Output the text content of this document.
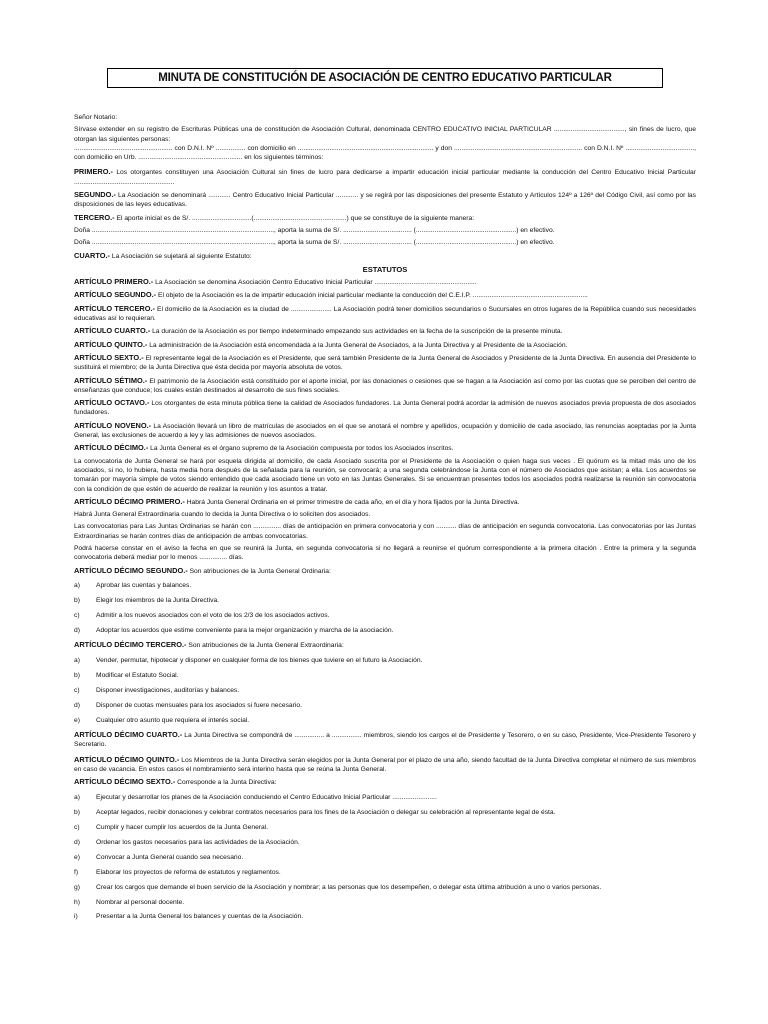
MINUTA DE CONSTITUCIÓN DE ASOCIACIÓN DE CENTRO EDUCATIVO PARTICULAR

Señor Notario:

Sírvase extender en su registro de Escrituras Públicas una de constitución de Asociación Cultural, denominada CENTRO EDUCATIVO INICIAL PARTICULAR ......................................, sin fines de lucro, que otorgan las siguientes personas:

..................................................... con D.N.I. Nº ................ con domicilio en ......................................................................... y don ..................................................................... con D.N.I. Nº ....................................., con domicilio en Urb. ........................................................ en los siguientes términos:

PRIMERO.- Los otorgantes constituyen una Asociación Cultural sin fines de lucro para dedicarse a impartir educación inicial particular mediante la conducción del Centro Educativo Inicial Particular ......................................................

SEGUNDO.- La Asociación se denominará ............ Centro Educativo Inicial Particular ............ y se regirá por las disposiciones del presente Estatuto y Artículos 124º a 126º del Código Civil, así como por las disposiciones de las leyes educativas.

TERCERO.- El aporte inicial es de S/. ................................(..................................................) que se constituye de la siguiente manera:

Doña .................................................................................................., aporta la suma de S/. ..................................... (......................................................) en efectivo.

Doña .................................................................................................., aporta la suma de S/. ..................................... (......................................................) en efectivo.

CUARTO.- La Asociación se sujetará al siguiente Estatuto:

ESTATUTOS

ARTÍCULO PRIMERO.- La Asociación se denomina Asociación Centro Educativo Inicial Particular .......................................................

ARTÍCULO SEGUNDO.- El objeto de la Asociación es la de impartir educación inicial particular mediante la conducción del C.E.I.P. ..............................................................

ARTÍCULO TERCERO.- El domicilio de la Asociación es la ciudad de ...................... La Asociación podrá tener domicilios secundarios o Sucursales en otros lugares de la República cuando sus necesidades educativas así lo requieran.

ARTÍCULO CUARTO.- La duración de la Asociación es por tiempo indeterminado empezando sus actividades en la fecha de la suscripción de la presente minuta.

ARTÍCULO QUINTO.- La administración de la Asociación está encomendada a la Junta General de Asociados, a la Junta Directiva y al Presidente de la Asociación.

ARTÍCULO SEXTO.- El representante legal de la Asociación es el Presidente, que será también Presidente de la Junta General de Asociados y Presidente de la Junta Directiva. En ausencia del Presidente lo sustituirá el miembro; de la Junta Directiva que ésta decida por mayoría absoluta de votos.

ARTÍCULO SÉTIMO.- El patrimonio de la Asociación está constituido por el aporte inicial, por las donaciones o cesiones que se hagan a la Asociación así como por las cuotas que se perciben del centro de enseñanzas que conduce; los cuales están destinados al desarrollo de sus fines sociales.

ARTÍCULO OCTAVO.- Los otorgantes de esta minuta pública tiene la calidad de Asociados fundadores. La Junta General podrá acordar la admisión de nuevos asociados previa propuesta de dos asociados fundadores.

ARTÍCULO NOVENO.- La Asociación llevará un libro de matrículas de asociados en el que se anotará el nombre y apellidos, ocupación y domicilio de cada asociado, las renuncias aceptadas por la Junta General, las exclusiones de acuerdo a ley y las admisiones de nuevos asociados.

ARTÍCULO DÉCIMO.- La Junta General es el órgano supremo de la Asociación compuesta por todos los Asociados inscritos.

La convocatoria de Junta General se hará por esquela dirigida al domicilio, de cada Asociado suscrita por el Presidente de la Asociación o quien haga sus veces . El quórum es la mitad más uno de los asociados, si no, lo hubiera, hasta media hora después de la señalada para la reunión, se convocará; a una segunda celebrándose la Junta con el número de Asociados que asistan; a ella. Los acuerdos se tomarán por mayoría simple de votos siendo entendido que cada asociado tiene un voto en las Juntas Generales. Si se encuentran presentes todos los asociados podrá realizarse la reunión sin convocatoria con la condición de que estén de acuerdo de realizar la reunión y los asuntos a tratar.

ARTÍCULO DÉCIMO PRIMERO.- Habrá Junta General Ordinaria en el primer trimestre de cada año, en el día y hora fijados por la Junta Directiva.

Habrá Junta General Extraordinaria cuando lo decida la Junta Directiva o lo soliciten dos asociados.

Las convocatorias para Las Juntas Ordinarias se harán con ............... días de anticipación en primera convocatoria y con ........... días de anticipación en segunda convocatoria. Las convocatorias por las Juntas Extraordinarias se harán contres días de anticipación de ambas convocatorias.

Podrá hacerse constar en el aviso la fecha en que se reunirá la Junta, en segunda convocatoria si no llegará a reunirse el quórum correspondiente a la primera citación . Entre la primera y la segunda convocatoria deberá mediar por lo menos ............... días.

ARTÍCULO DÉCIMO SEGUNDO.- Son atribuciones de la Junta General Ordinaria:

a)	Aprobar las cuentas y balances.
b)	Elegir los miembros de la Junta Directiva.
c)	Admitir a los nuevos asociados con el voto de los 2/3 de los asociados activos.
d)	Adoptar los acuerdos que estime conveniente para la mejor organización y marcha de la asociación.

ARTÍCULO DÉCIMO TERCERO.- Son atribuciones de la Junta General Extraordinaria:

a)	Vender, permutar, hipotecar y disponer en cualquier forma de los bienes que tuviere en el futuro la Asociación.
b)	Modificar el Estatuto Social.
c)	Disponer investigaciones, auditorías y balances.
d)	Disponer de cuotas mensuales para los asociados si fuere necesario.
e)	Cualquier otro asunto que requiera el interés social.

ARTÍCULO DÉCIMO CUARTO.- La Junta Directiva se compondrá de ................ a ................ miembros, siendo los cargos el de Presidente y Tesorero, o en su caso, Presidente, Vice-Presidente Tesorero y Secretario.

ARTÍCULO DÉCIMO QUINTO.- Los Miembros de la Junta Directiva serán elegidos por la Junta General por el plazo de una año, siendo facultad de la Junta Directiva completar el número de sus miembros en caso de vacancia. En estos casos el nombramiento será interino hasta que se reúna la Junta General.

ARTÍCULO DÉCIMO SEXTO.- Corresponde a la Junta Directiva:

a)	Ejecutar y desarrollar los planes de la Asociación conduciendo el Centro Educativo Inicial Particular ........................
b)	Aceptar legados, recibir donaciones y celebrar contratos necesarios para los fines de la Asociación o delegar su celebración al representante legal de ésta.
c)	Cumplir y hacer cumplir los acuerdos de la Junta General.
d)	Ordenar los gastos necesarios para las actividades de la Asociación.
e)	Convocar a Junta General cuando sea necesario.
f)	Elaborar los proyectos de reforma de estatutos y reglamentos.
g)	Crear los cargos que demande el buen servicio de la Asociación y nombrar; a las personas que los desempeñen, o delegar esta última atribución a uno o varios personas.
h)	Nombrar al personal docente.
i)	Presentar a la Junta General los balances y cuentas de la Asociación.
